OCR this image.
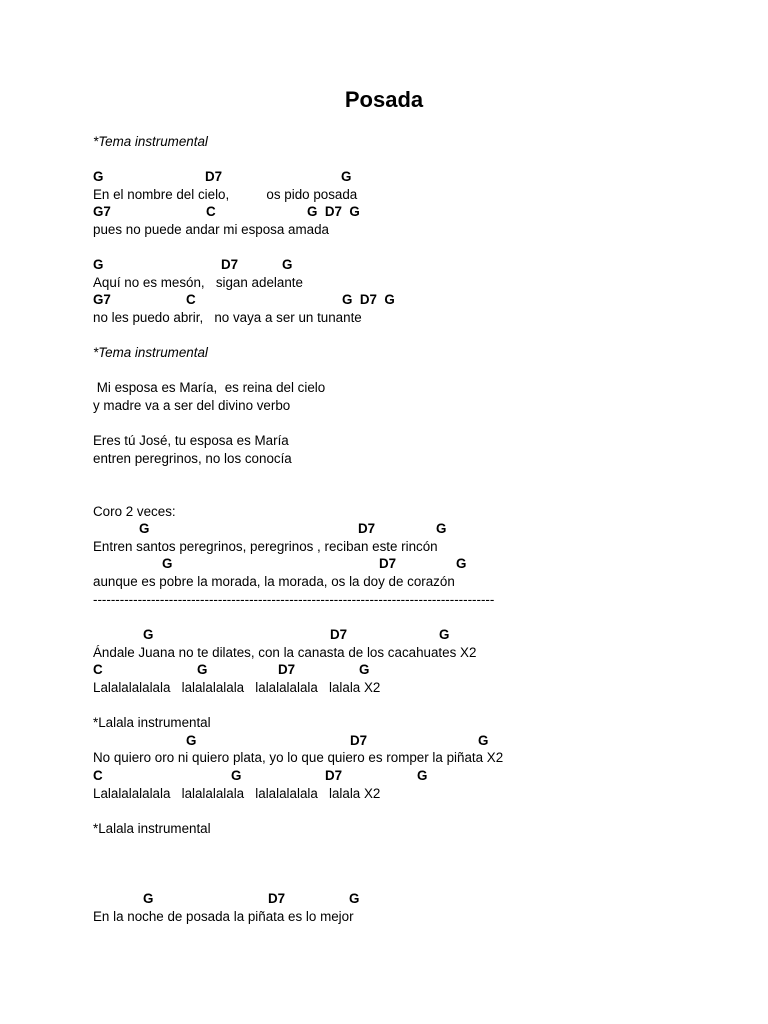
Posada
*Tema instrumental
G	D7	G
En el nombre del cielo,          os pido posada
G7	C	G  D7  G
pues no puede andar mi esposa amada
G	D7	G
Aquí no es mesón,   sigan adelante
G7	C	G  D7  G
no les puedo abrir,   no vaya a ser un tunante
*Tema instrumental
Mi esposa es María,  es reina del cielo
y madre va a ser del divino verbo
Eres tú José, tu esposa es María
entren peregrinos, no los conocía
Coro 2 veces:
G	D7	G
Entren santos peregrinos, peregrinos , reciban este rincón
G	D7	G
aunque es pobre la morada, la morada, os la doy de corazón
------------------------------------------------------------------------------------------
G	D7	G
Ándale Juana no te dilates, con la canasta de los cacahuates X2
C	G	D7	G
Lalalalalalala   lalalalalala   lalalalalala   lalala X2
*Lalala instrumental
G	D7	G
No quiero oro ni quiero plata, yo lo que quiero es romper la piñata X2
C	G	D7	G
Lalalalalalala   lalalalalala   lalalalalala   lalala X2
*Lalala instrumental
G	D7	G
En la noche de posada la piñata es lo mejor
